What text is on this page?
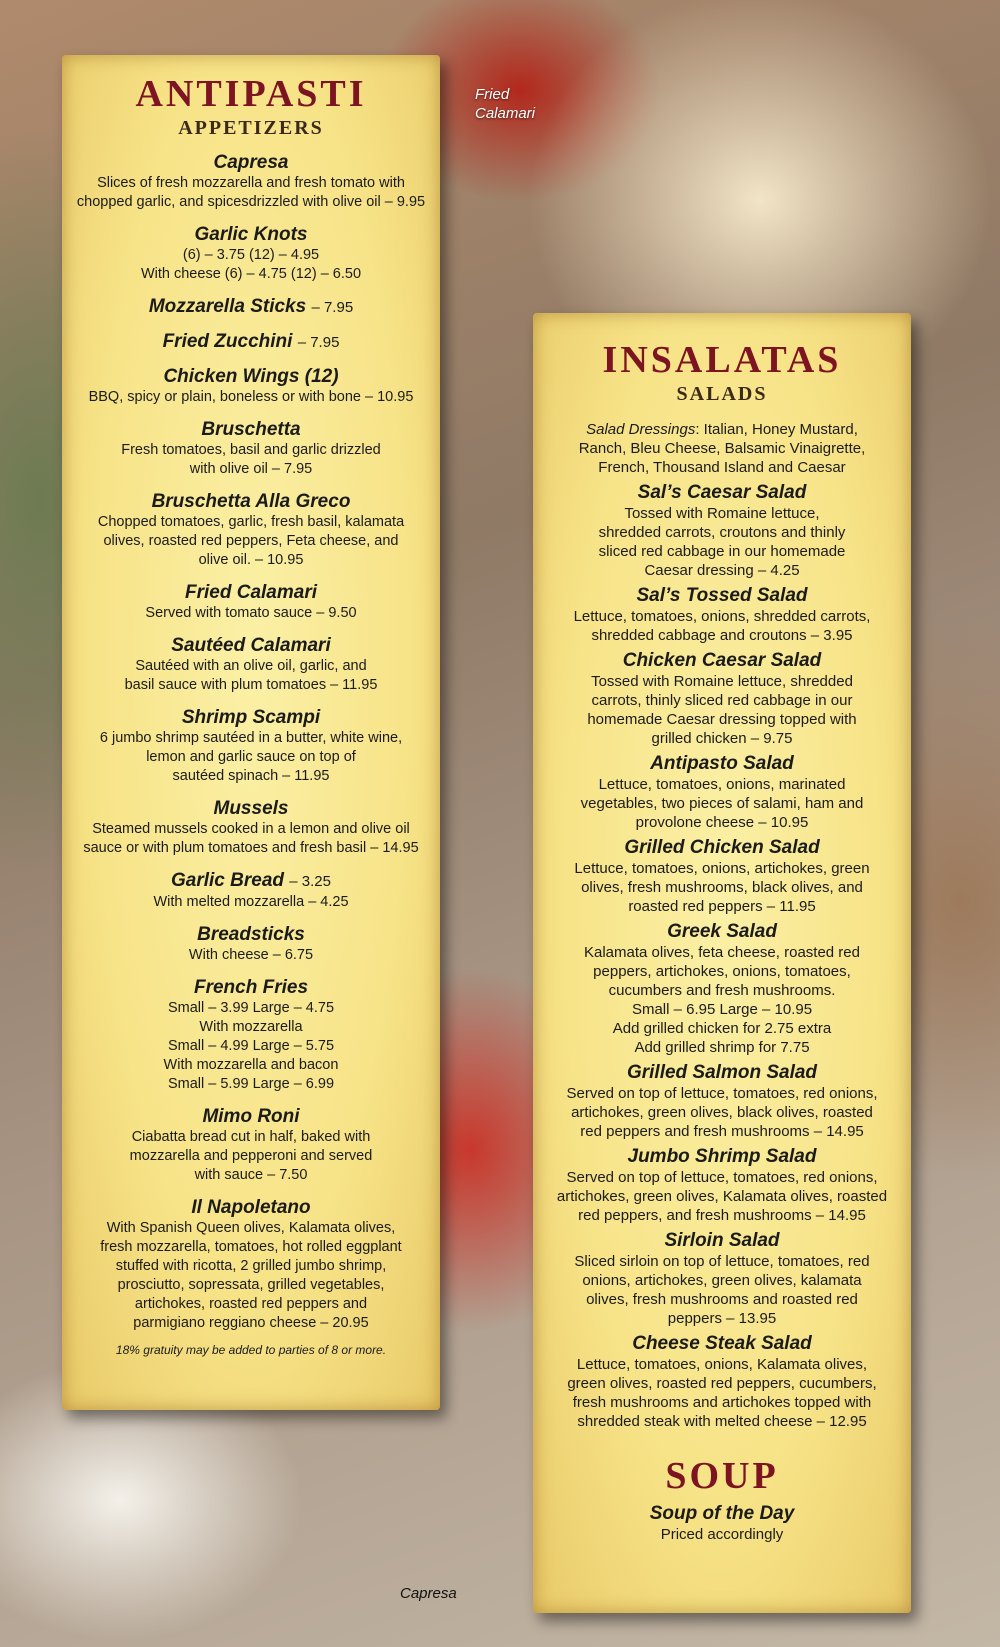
Fried
Calamari
Capresa
ANTIPASTI
APPETIZERS
Capresa
Slices of fresh mozzarella and fresh tomato with
chopped garlic, and spicesdrizzled with olive oil – 9.95
Garlic Knots
(6) – 3.75 (12) – 4.95
With cheese (6) – 4.75 (12) – 6.50
Mozzarella Sticks – 7.95
Fried Zucchini – 7.95
Chicken Wings (12)
BBQ, spicy or plain, boneless or with bone – 10.95
Bruschetta
Fresh tomatoes, basil and garlic drizzled
with olive oil – 7.95
Bruschetta Alla Greco
Chopped tomatoes, garlic, fresh basil, kalamata
olives, roasted red peppers, Feta cheese, and
olive oil. – 10.95
Fried Calamari
Served with tomato sauce – 9.50
Sautéed Calamari
Sautéed with an olive oil, garlic, and
basil sauce with plum tomatoes – 11.95
Shrimp Scampi
6 jumbo shrimp sautéed in a butter, white wine,
lemon and garlic sauce on top of
sautéed spinach – 11.95
Mussels
Steamed mussels cooked in a lemon and olive oil
sauce or with plum tomatoes and fresh basil – 14.95
Garlic Bread – 3.25
With melted mozzarella – 4.25
Breadsticks
With cheese – 6.75
French Fries
Small – 3.99 Large – 4.75
With mozzarella
Small – 4.99 Large – 5.75
With mozzarella and bacon
Small – 5.99 Large – 6.99
Mimo Roni
Ciabatta bread cut in half, baked with
mozzarella and pepperoni and served
with sauce – 7.50
Il Napoletano
With Spanish Queen olives, Kalamata olives,
fresh mozzarella, tomatoes, hot rolled eggplant
stuffed with ricotta, 2 grilled jumbo shrimp,
prosciutto, sopressata, grilled vegetables,
artichokes, roasted red peppers and
parmigiano reggiano cheese – 20.95
18% gratuity may be added to parties of 8 or more.
INSALATAS
SALADS
Salad Dressings: Italian, Honey Mustard,
Ranch, Bleu Cheese, Balsamic Vinaigrette,
French, Thousand Island and Caesar
Sal’s Caesar Salad
Tossed with Romaine lettuce,
shredded carrots, croutons and thinly
sliced red cabbage in our homemade
Caesar dressing – 4.25
Sal’s Tossed Salad
Lettuce, tomatoes, onions, shredded carrots,
shredded cabbage and croutons – 3.95
Chicken Caesar Salad
Tossed with Romaine lettuce, shredded
carrots, thinly sliced red cabbage in our
homemade Caesar dressing topped with
grilled chicken – 9.75
Antipasto Salad
Lettuce, tomatoes, onions, marinated
vegetables, two pieces of salami, ham and
provolone cheese – 10.95
Grilled Chicken Salad
Lettuce, tomatoes, onions, artichokes, green
olives, fresh mushrooms, black olives, and
roasted red peppers – 11.95
Greek Salad
Kalamata olives, feta cheese, roasted red
peppers, artichokes, onions, tomatoes,
cucumbers and fresh mushrooms.
Small – 6.95 Large – 10.95
Add grilled chicken for 2.75 extra
Add grilled shrimp for 7.75
Grilled Salmon Salad
Served on top of lettuce, tomatoes, red onions,
artichokes, green olives, black olives, roasted
red peppers and fresh mushrooms – 14.95
Jumbo Shrimp Salad
Served on top of lettuce, tomatoes, red onions,
artichokes, green olives, Kalamata olives, roasted
red peppers, and fresh mushrooms – 14.95
Sirloin Salad
Sliced sirloin on top of lettuce, tomatoes, red
onions, artichokes, green olives, kalamata
olives, fresh mushrooms and roasted red
peppers – 13.95
Cheese Steak Salad
Lettuce, tomatoes, onions, Kalamata olives,
green olives, roasted red peppers, cucumbers,
fresh mushrooms and artichokes topped with
shredded steak with melted cheese – 12.95
SOUP
Soup of the Day
Priced accordingly
